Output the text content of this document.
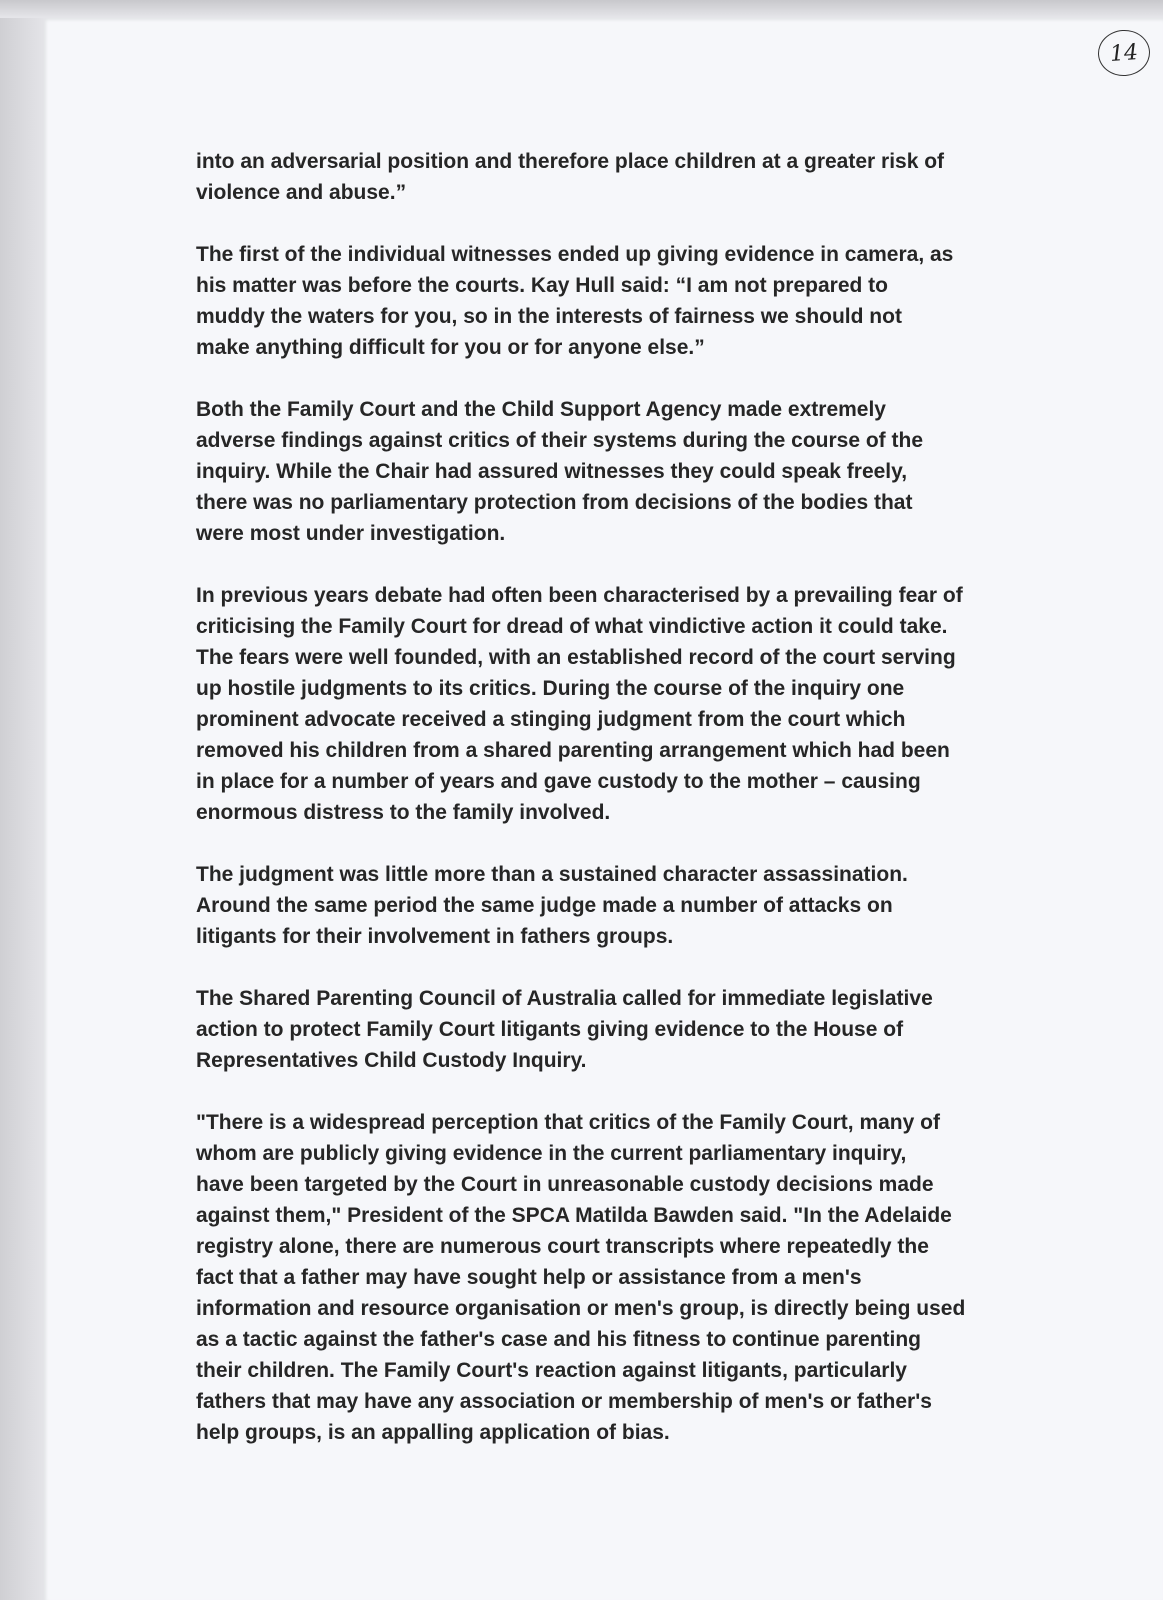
14

into an adversarial position and therefore place children at a greater risk of
violence and abuse.”

The first of the individual witnesses ended up giving evidence in camera, as
his matter was before the courts. Kay Hull said: “I am not prepared to
muddy the waters for you, so in the interests of fairness we should not
make anything difficult for you or for anyone else.”

Both the Family Court and the Child Support Agency made extremely
adverse findings against critics of their systems during the course of the
inquiry. While the Chair had assured witnesses they could speak freely,
there was no parliamentary protection from decisions of the bodies that
were most under investigation.

In previous years debate had often been characterised by a prevailing fear of
criticising the Family Court for dread of what vindictive action it could take.
The fears were well founded, with an established record of the court serving
up hostile judgments to its critics. During the course of the inquiry one
prominent advocate received a stinging judgment from the court which
removed his children from a shared parenting arrangement which had been
in place for a number of years and gave custody to the mother – causing
enormous distress to the family involved.

The judgment was little more than a sustained character assassination.
Around the same period the same judge made a number of attacks on
litigants for their involvement in fathers groups.

The Shared Parenting Council of Australia called for immediate legislative
action to protect Family Court litigants giving evidence to the House of
Representatives Child Custody Inquiry.

"There is a widespread perception that critics of the Family Court, many of
whom are publicly giving evidence in the current parliamentary inquiry,
have been targeted by the Court in unreasonable custody decisions made
against them," President of the SPCA Matilda Bawden said. "In the Adelaide
registry alone, there are numerous court transcripts where repeatedly the
fact that a father may have sought help or assistance from a men's
information and resource organisation or men's group, is directly being used
as a tactic against the father's case and his fitness to continue parenting
their children. The Family Court's reaction against litigants, particularly
fathers that may have any association or membership of men's or father's
help groups, is an appalling application of bias.
